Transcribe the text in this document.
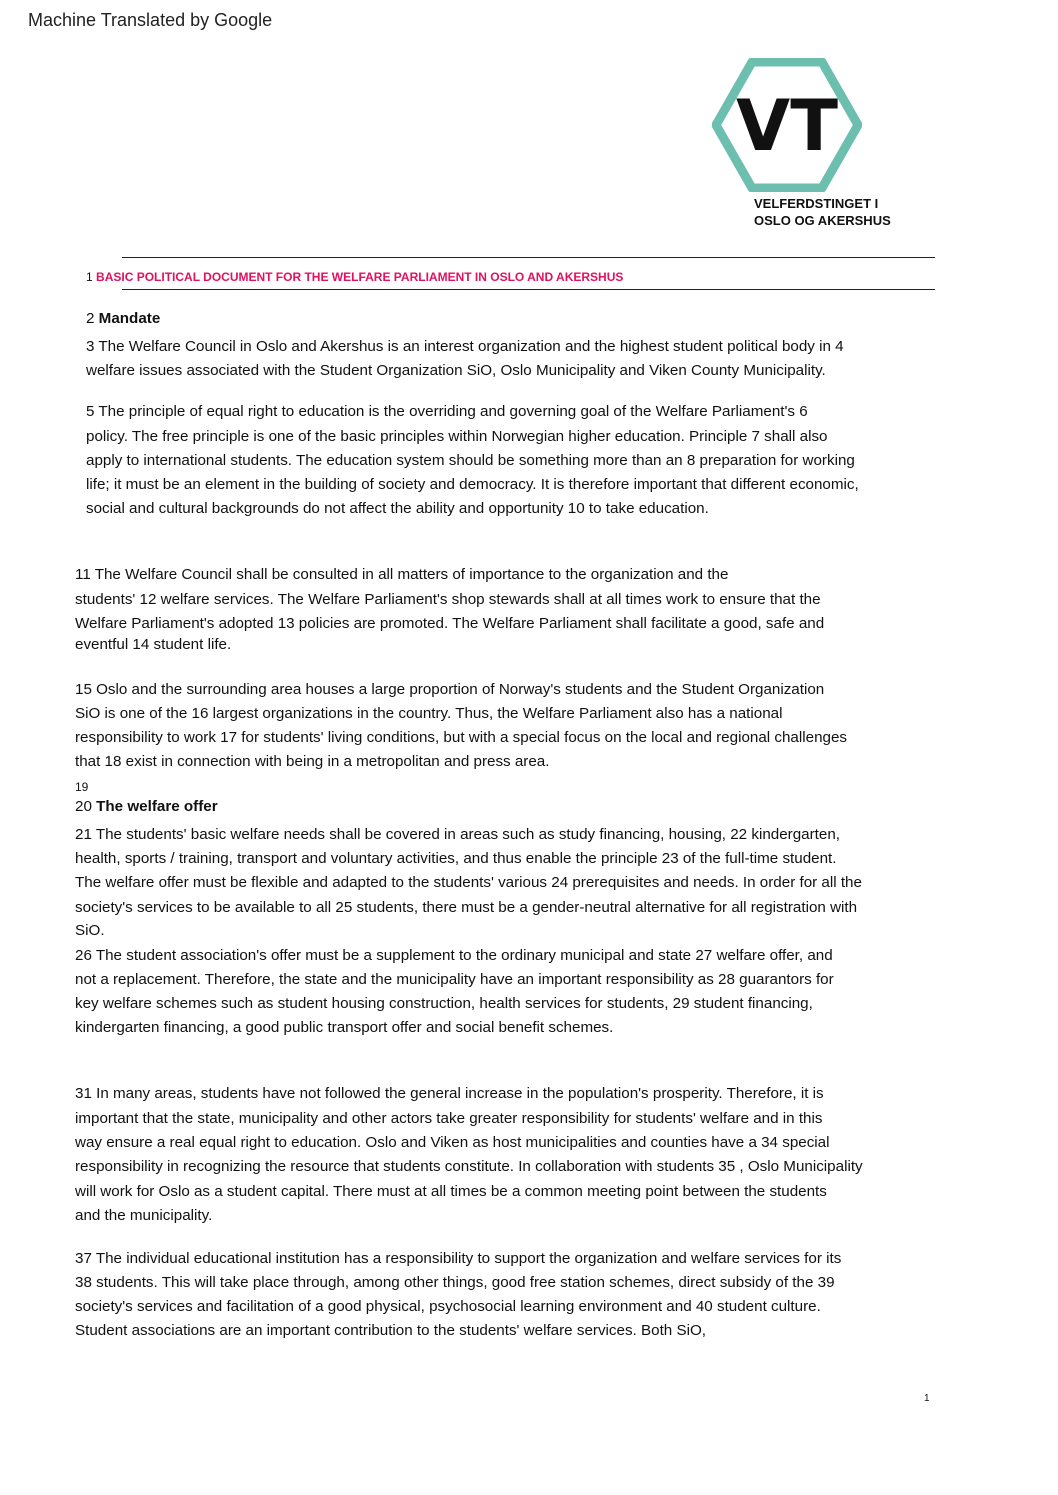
Machine Translated by Google
VT
VELFERDSTINGET I
OSLO OG AKERSHUS
1 BASIC POLITICAL DOCUMENT FOR THE WELFARE PARLIAMENT IN OSLO AND AKERSHUS
2 Mandate
3 The Welfare Council in Oslo and Akershus is an interest organization and the highest student political body in 4
welfare issues associated with the Student Organization SiO, Oslo Municipality and Viken County Municipality.
5 The principle of equal right to education is the overriding and governing goal of the Welfare Parliament's 6
policy. The free principle is one of the basic principles within Norwegian higher education. Principle 7 shall also
apply to international students. The education system should be something more than an 8 preparation for working
life; it must be an element in the building of society and democracy. It is therefore important that different economic,
social and cultural backgrounds do not affect the ability and opportunity 10 to take education.
11 The Welfare Council shall be consulted in all matters of importance to the organization and the
students' 12 welfare services. The Welfare Parliament's shop stewards shall at all times work to ensure that the
Welfare Parliament's adopted 13 policies are promoted. The Welfare Parliament shall facilitate a good, safe and
eventful 14 student life.
15 Oslo and the surrounding area houses a large proportion of Norway's students and the Student Organization
SiO is one of the 16 largest organizations in the country. Thus, the Welfare Parliament also has a national
responsibility to work 17 for students' living conditions, but with a special focus on the local and regional challenges
that 18 exist in connection with being in a metropolitan and press area.
19
20 The welfare offer
21 The students' basic welfare needs shall be covered in areas such as study financing, housing, 22 kindergarten,
health, sports / training, transport and voluntary activities, and thus enable the principle 23 of the full-time student.
The welfare offer must be flexible and adapted to the students' various 24 prerequisites and needs. In order for all the
society's services to be available to all 25 students, there must be a gender-neutral alternative for all registration with
SiO.
26 The student association's offer must be a supplement to the ordinary municipal and state 27 welfare offer, and
not a replacement. Therefore, the state and the municipality have an important responsibility as 28 guarantors for
key welfare schemes such as student housing construction, health services for students, 29 student financing,
kindergarten financing, a good public transport offer and social benefit schemes.
31 In many areas, students have not followed the general increase in the population's prosperity. Therefore, it is
important that the state, municipality and other actors take greater responsibility for students' welfare and in this
way ensure a real equal right to education. Oslo and Viken as host municipalities and counties have a 34 special
responsibility in recognizing the resource that students constitute. In collaboration with students 35 , Oslo Municipality
will work for Oslo as a student capital. There must at all times be a common meeting point between the students
and the municipality.
37 The individual educational institution has a responsibility to support the organization and welfare services for its
38 students. This will take place through, among other things, good free station schemes, direct subsidy of the 39
society's services and facilitation of a good physical, psychosocial learning environment and 40 student culture.
Student associations are an important contribution to the students' welfare services. Both SiO,
1
